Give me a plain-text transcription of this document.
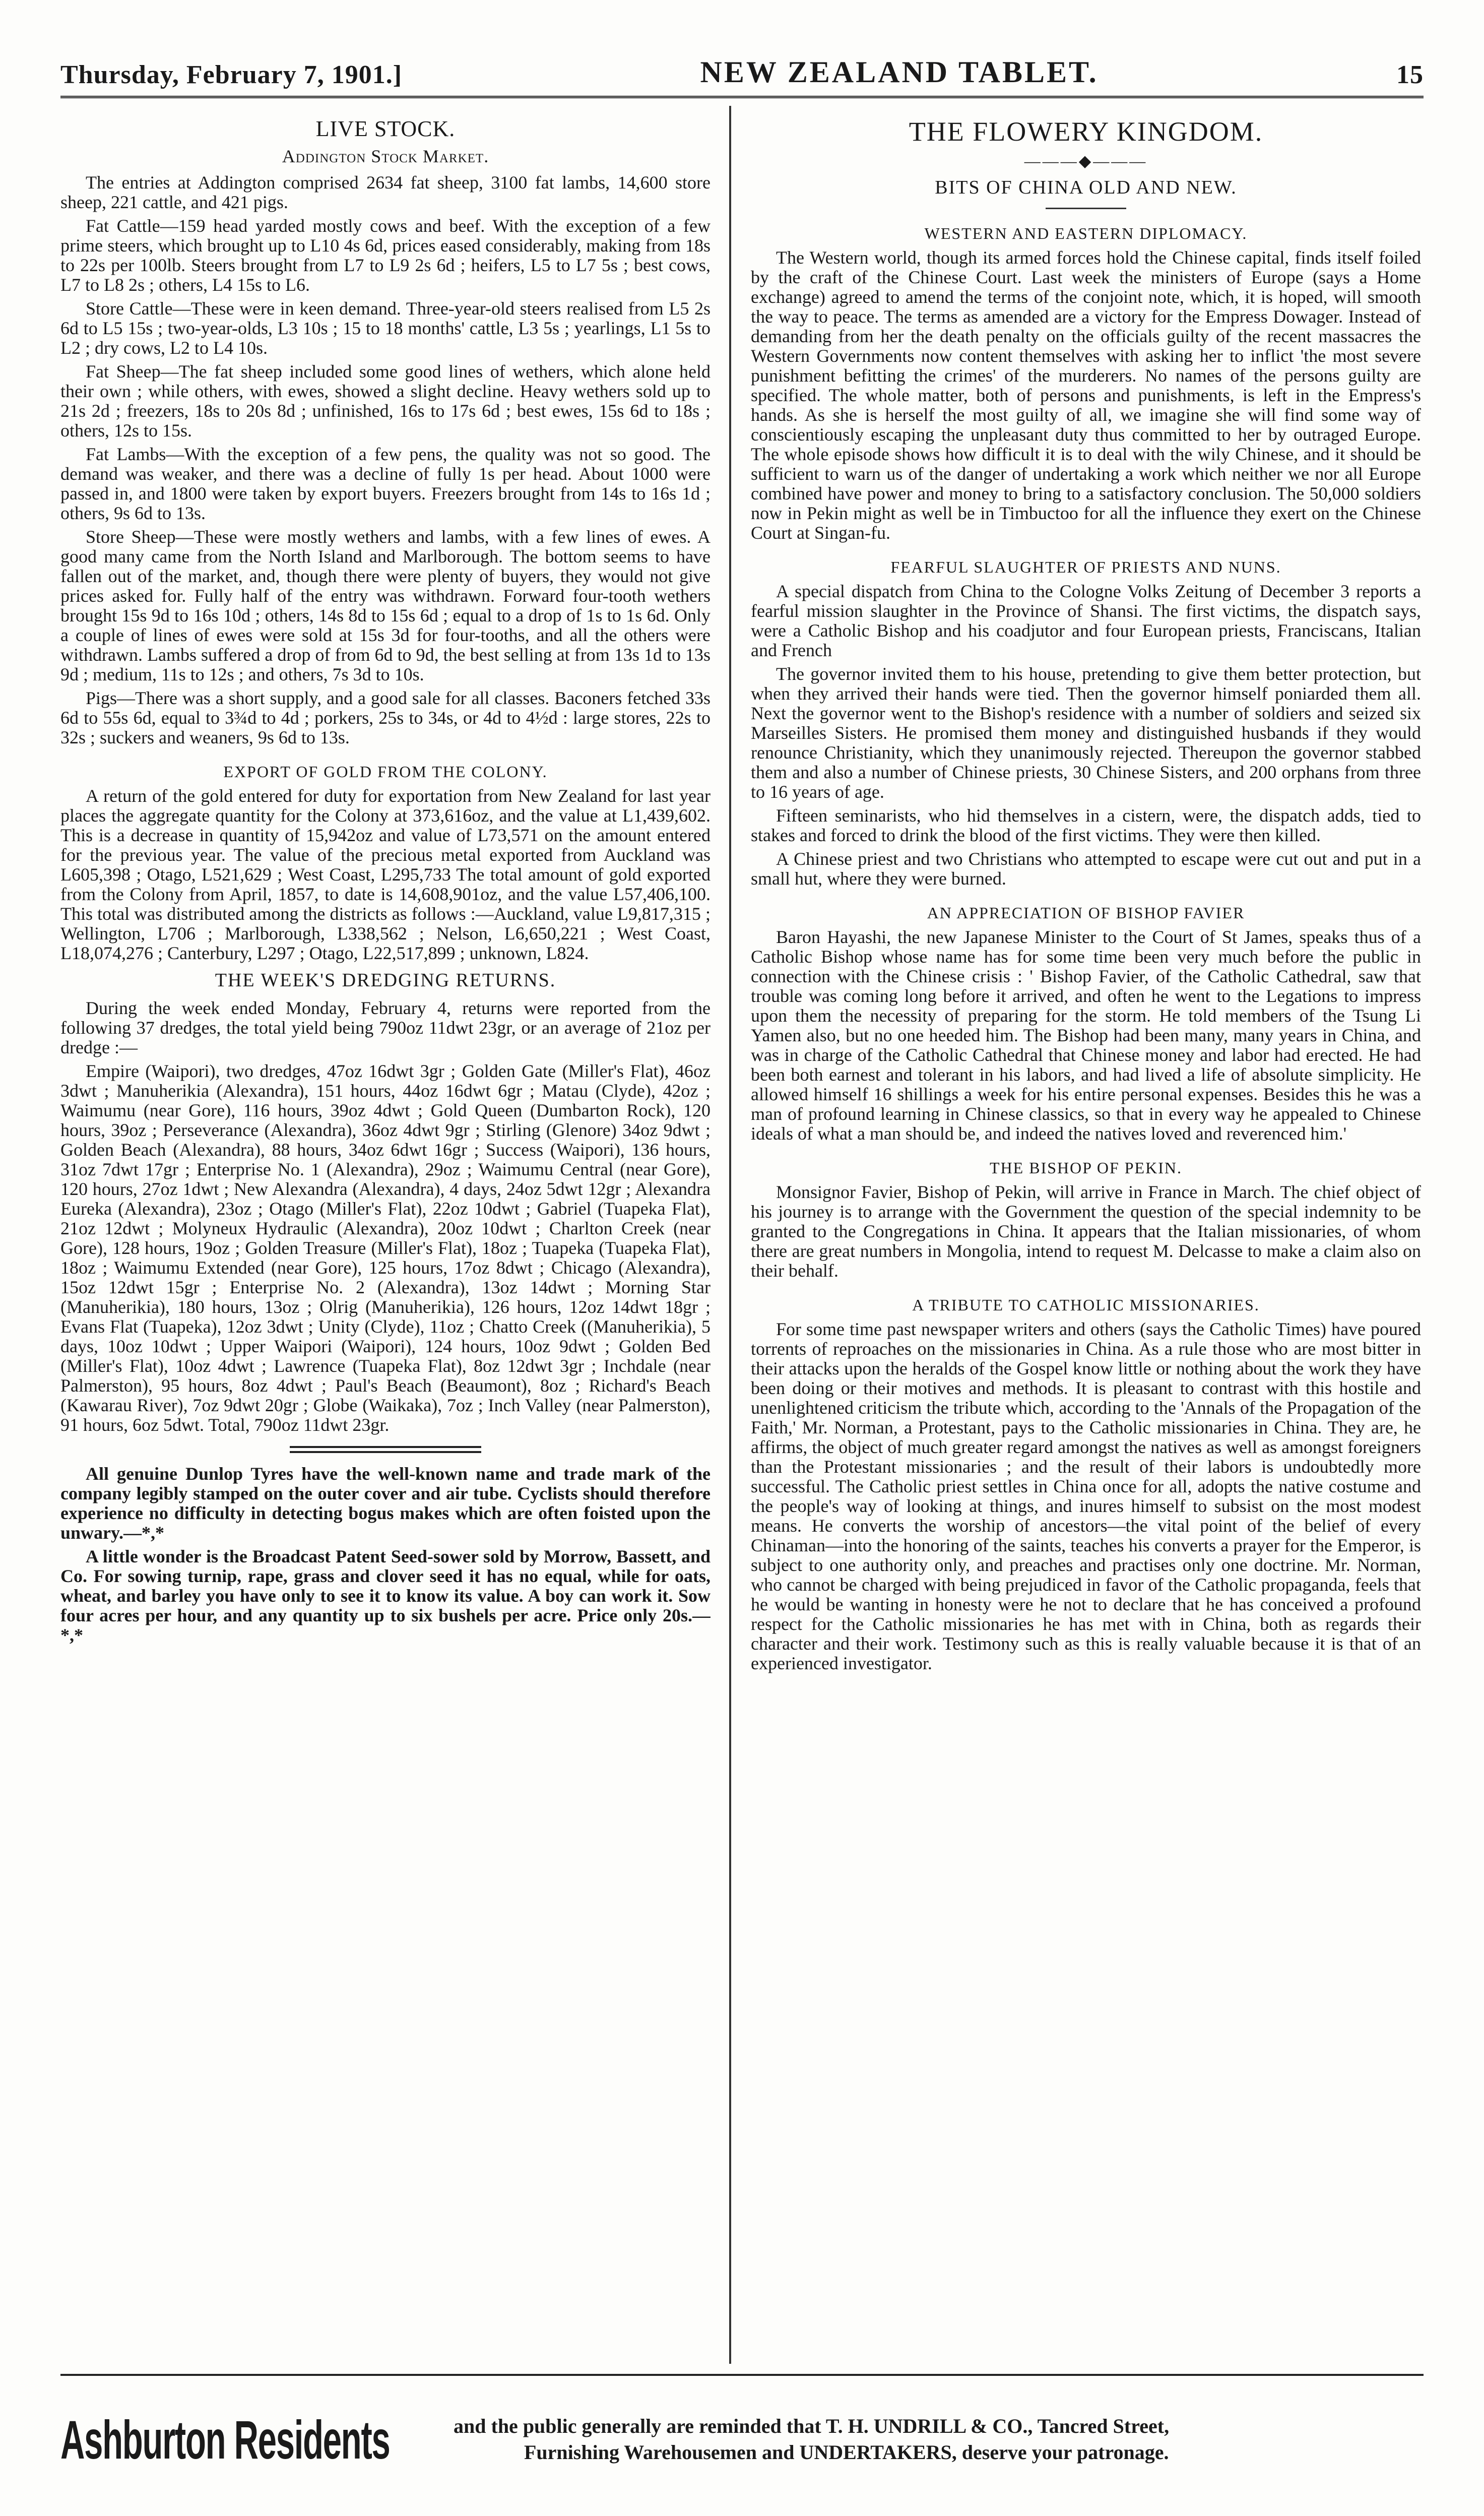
Thursday, February 7, 1901.]	NEW ZEALAND TABLET.	15
LIVE STOCK.
Addington Stock Market.

The entries at Addington comprised 2634 fat sheep, 3100 fat lambs, 14,600 store sheep, 221 cattle, and 421 pigs.

Fat Cattle—159 head yarded mostly cows and beef. With the exception of a few prime steers, which brought up to L10 4s 6d, prices eased considerably, making from 18s to 22s per 100lb. Steers brought from L7 to L9 2s 6d ; heifers, L5 to L7 5s ; best cows, L7 to L8 2s ; others, L4 15s to L6.

Store Cattle—These were in keen demand. Three-year-old steers realised from L5 2s 6d to L5 15s ; two-year-olds, L3 10s ; 15 to 18 months' cattle, L3 5s ; yearlings, L1 5s to L2 ; dry cows, L2 to L4 10s.

Fat Sheep—The fat sheep included some good lines of wethers, which alone held their own ; while others, with ewes, showed a slight decline. Heavy wethers sold up to 21s 2d ; freezers, 18s to 20s 8d ; unfinished, 16s to 17s 6d ; best ewes, 15s 6d to 18s ; others, 12s to 15s.

Fat Lambs—With the exception of a few pens, the quality was not so good. The demand was weaker, and there was a decline of fully 1s per head. About 1000 were passed in, and 1800 were taken by export buyers. Freezers brought from 14s to 16s 1d ; others, 9s 6d to 13s.

Store Sheep—These were mostly wethers and lambs, with a few lines of ewes. A good many came from the North Island and Marlborough. The bottom seems to have fallen out of the market, and, though there were plenty of buyers, they would not give prices asked for. Fully half of the entry was withdrawn. Forward four-tooth wethers brought 15s 9d to 16s 10d ; others, 14s 8d to 15s 6d ; equal to a drop of 1s to 1s 6d. Only a couple of lines of ewes were sold at 15s 3d for four-tooths, and all the others were withdrawn. Lambs suffered a drop of from 6d to 9d, the best selling at from 13s 1d to 13s 9d ; medium, 11s to 12s ; and others, 7s 3d to 10s.

Pigs—There was a short supply, and a good sale for all classes. Baconers fetched 33s 6d to 55s 6d, equal to 3¾d to 4d ; porkers, 25s to 34s, or 4d to 4½d : large stores, 22s to 32s ; suckers and weaners, 9s 6d to 13s.

EXPORT OF GOLD FROM THE COLONY.

A return of the gold entered for duty for exportation from New Zealand for last year places the aggregate quantity for the Colony at 373,616oz, and the value at L1,439,602. This is a decrease in quantity of 15,942oz and value of L73,571 on the amount entered for the previous year. The value of the precious metal exported from Auckland was L605,398 ; Otago, L521,629 ; West Coast, L295,733 The total amount of gold exported from the Colony from April, 1857, to date is 14,608,901oz, and the value L57,406,100. This total was distributed among the districts as follows :—Auckland, value L9,817,315 ; Wellington, L706 ; Marlborough, L338,562 ; Nelson, L6,650,221 ; West Coast, L18,074,276 ; Canterbury, L297 ; Otago, L22,517,899 ; unknown, L824.

THE WEEK'S DREDGING RETURNS.

During the week ended Monday, February 4, returns were reported from the following 37 dredges, the total yield being 790oz 11dwt 23gr, or an average of 21oz per dredge :—

Empire (Waipori), two dredges, 47oz 16dwt 3gr ; Golden Gate (Miller's Flat), 46oz 3dwt ; Manuherikia (Alexandra), 151 hours, 44oz 16dwt 6gr ; Matau (Clyde), 42oz ; Waimumu (near Gore), 116 hours, 39oz 4dwt ; Gold Queen (Dumbarton Rock), 120 hours, 39oz ; Perseverance (Alexandra), 36oz 4dwt 9gr ; Stirling (Glenore) 34oz 9dwt ; Golden Beach (Alexandra), 88 hours, 34oz 6dwt 16gr ; Success (Waipori), 136 hours, 31oz 7dwt 17gr ; Enterprise No. 1 (Alexandra), 29oz ; Waimumu Central (near Gore), 120 hours, 27oz 1dwt ; New Alexandra (Alexandra), 4 days, 24oz 5dwt 12gr ; Alexandra Eureka (Alexandra), 23oz ; Otago (Miller's Flat), 22oz 10dwt ; Gabriel (Tuapeka Flat), 21oz 12dwt ; Molyneux Hydraulic (Alexandra), 20oz 10dwt ; Charlton Creek (near Gore), 128 hours, 19oz ; Golden Treasure (Miller's Flat), 18oz ; Tuapeka (Tuapeka Flat), 18oz ; Waimumu Extended (near Gore), 125 hours, 17oz 8dwt ; Chicago (Alexandra), 15oz 12dwt 15gr ; Enterprise No. 2 (Alexandra), 13oz 14dwt ; Morning Star (Manuherikia), 180 hours, 13oz ; Olrig (Manuherikia), 126 hours, 12oz 14dwt 18gr ; Evans Flat (Tuapeka), 12oz 3dwt ; Unity (Clyde), 11oz ; Chatto Creek ((Manuherikia), 5 days, 10oz 10dwt ; Upper Waipori (Waipori), 124 hours, 10oz 9dwt ; Golden Bed (Miller's Flat), 10oz 4dwt ; Lawrence (Tuapeka Flat), 8oz 12dwt 3gr ; Inchdale (near Palmerston), 95 hours, 8oz 4dwt ; Paul's Beach (Beaumont), 8oz ; Richard's Beach (Kawarau River), 7oz 9dwt 20gr ; Globe (Waikaka), 7oz ; Inch Valley (near Palmerston), 91 hours, 6oz 5dwt. Total, 790oz 11dwt 23gr.

All genuine Dunlop Tyres have the well-known name and trade mark of the company legibly stamped on the outer cover and air tube. Cyclists should therefore experience no difficulty in detecting bogus makes which are often foisted upon the unwary.—*,*

A little wonder is the Broadcast Patent Seed-sower sold by Morrow, Bassett, and Co. For sowing turnip, rape, grass and clover seed it has no equal, while for oats, wheat, and barley you have only to see it to know its value. A boy can work it. Sow four acres per hour, and any quantity up to six bushels per acre. Price only 20s.—*,*

THE FLOWERY KINGDOM.
———◆———
BITS OF CHINA OLD AND NEW.
WESTERN AND EASTERN DIPLOMACY.

The Western world, though its armed forces hold the Chinese capital, finds itself foiled by the craft of the Chinese Court. Last week the ministers of Europe (says a Home exchange) agreed to amend the terms of the conjoint note, which, it is hoped, will smooth the way to peace. The terms as amended are a victory for the Empress Dowager. Instead of demanding from her the death penalty on the officials guilty of the recent massacres the Western Governments now content themselves with asking her to inflict 'the most severe punishment befitting the crimes' of the murderers. No names of the persons guilty are specified. The whole matter, both of persons and punishments, is left in the Empress's hands. As she is herself the most guilty of all, we imagine she will find some way of conscientiously escaping the unpleasant duty thus committed to her by outraged Europe. The whole episode shows how difficult it is to deal with the wily Chinese, and it should be sufficient to warn us of the danger of undertaking a work which neither we nor all Europe combined have power and money to bring to a satisfactory conclusion. The 50,000 soldiers now in Pekin might as well be in Timbuctoo for all the influence they exert on the Chinese Court at Singan-fu.

FEARFUL SLAUGHTER OF PRIESTS AND NUNS.

A special dispatch from China to the Cologne Volks Zeitung of December 3 reports a fearful mission slaughter in the Province of Shansi. The first victims, the dispatch says, were a Catholic Bishop and his coadjutor and four European priests, Franciscans, Italian and French

The governor invited them to his house, pretending to give them better protection, but when they arrived their hands were tied. Then the governor himself poniarded them all. Next the governor went to the Bishop's residence with a number of soldiers and seized six Marseilles Sisters. He promised them money and distinguished husbands if they would renounce Christianity, which they unanimously rejected. Thereupon the governor stabbed them and also a number of Chinese priests, 30 Chinese Sisters, and 200 orphans from three to 16 years of age.

Fifteen seminarists, who hid themselves in a cistern, were, the dispatch adds, tied to stakes and forced to drink the blood of the first victims. They were then killed.

A Chinese priest and two Christians who attempted to escape were cut out and put in a small hut, where they were burned.

AN APPRECIATION OF BISHOP FAVIER

Baron Hayashi, the new Japanese Minister to the Court of St James, speaks thus of a Catholic Bishop whose name has for some time been very much before the public in connection with the Chinese crisis : ' Bishop Favier, of the Catholic Cathedral, saw that trouble was coming long before it arrived, and often he went to the Legations to impress upon them the necessity of preparing for the storm. He told members of the Tsung Li Yamen also, but no one heeded him. The Bishop had been many, many years in China, and was in charge of the Catholic Cathedral that Chinese money and labor had erected. He had been both earnest and tolerant in his labors, and had lived a life of absolute simplicity. He allowed himself 16 shillings a week for his entire personal expenses. Besides this he was a man of profound learning in Chinese classics, so that in every way he appealed to Chinese ideals of what a man should be, and indeed the natives loved and reverenced him.'

THE BISHOP OF PEKIN.

Monsignor Favier, Bishop of Pekin, will arrive in France in March. The chief object of his journey is to arrange with the Government the question of the special indemnity to be granted to the Congregations in China. It appears that the Italian missionaries, of whom there are great numbers in Mongolia, intend to request M. Delcasse to make a claim also on their behalf.

A TRIBUTE TO CATHOLIC MISSIONARIES.

For some time past newspaper writers and others (says the Catholic Times) have poured torrents of reproaches on the missionaries in China. As a rule those who are most bitter in their attacks upon the heralds of the Gospel know little or nothing about the work they have been doing or their motives and methods. It is pleasant to contrast with this hostile and unenlightened criticism the tribute which, according to the 'Annals of the Propagation of the Faith,' Mr. Norman, a Protestant, pays to the Catholic missionaries in China. They are, he affirms, the object of much greater regard amongst the natives as well as amongst foreigners than the Protestant missionaries ; and the result of their labors is undoubtedly more successful. The Catholic priest settles in China once for all, adopts the native costume and the people's way of looking at things, and inures himself to subsist on the most modest means. He converts the worship of ancestors—the vital point of the belief of every Chinaman—into the honoring of the saints, teaches his converts a prayer for the Emperor, is subject to one authority only, and preaches and practises only one doctrine. Mr. Norman, who cannot be charged with being prejudiced in favor of the Catholic propaganda, feels that he would be wanting in honesty were he not to declare that he has conceived a profound respect for the Catholic missionaries he has met with in China, both as regards their character and their work. Testimony such as this is really valuable because it is that of an experienced investigator.

Ashburton Residents	and the public generally are reminded that T. H. UNDRILL & CO., Tancred Street,
Furnishing Warehousemen and UNDERTAKERS, deserve your patronage.
